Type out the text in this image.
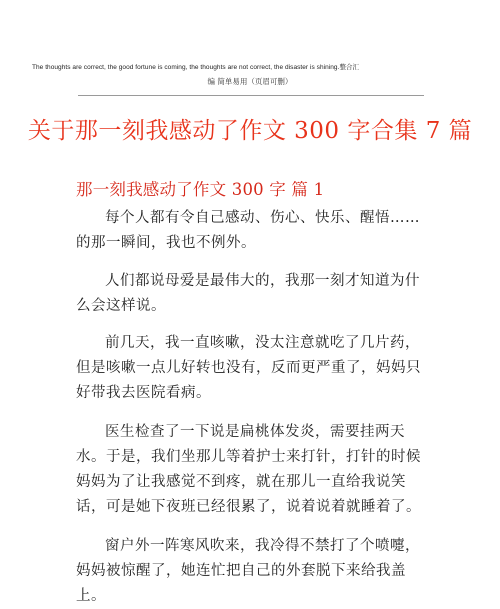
The thoughts are correct, the good fortune is coming, the thoughts are not correct, the disaster is shining.整合汇
编 简单易用（页眉可删）
关于那一刻我感动了作文 300 字合集 7 篇
那一刻我感动了作文 300 字 篇 1
每个人都有令自己感动、伤心、快乐、醒悟……的那一瞬间，我也不例外。
人们都说母爱是最伟大的，我那一刻才知道为什么会这样说。
前几天，我一直咳嗽，没太注意就吃了几片药，但是咳嗽一点儿好转也没有，反而更严重了，妈妈只好带我去医院看病。
医生检查了一下说是扁桃体发炎，需要挂两天水。于是，我们坐那儿等着护士来打针，打针的时候妈妈为了让我感觉不到疼，就在那儿一直给我说笑话，可是她下夜班已经很累了，说着说着就睡着了。
窗户外一阵寒风吹来，我冷得不禁打了个喷嚏，妈妈被惊醒了，她连忙把自己的外套脱下来给我盖上。
